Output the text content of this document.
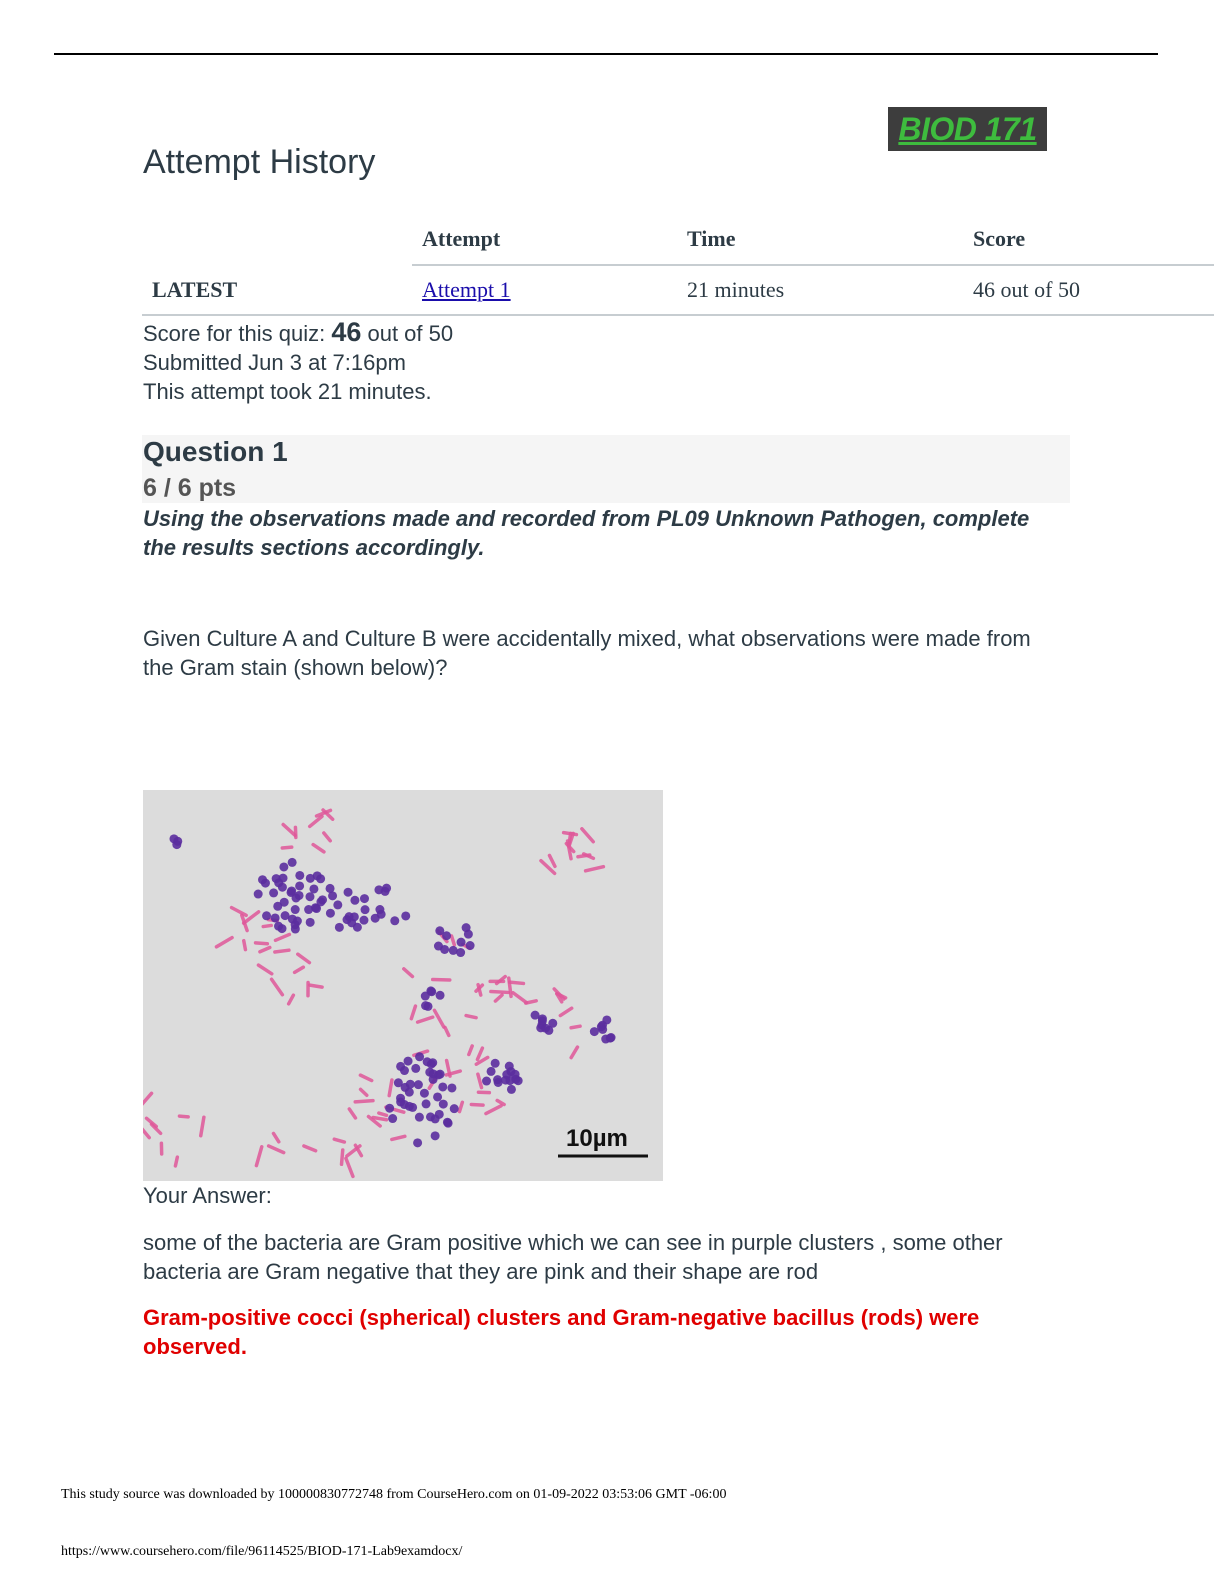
BIOD 171
Attempt History
	Attempt	Time	Score
LATEST	Attempt 1	21 minutes	46 out of 50
Score for this quiz: 46 out of 50
Submitted Jun 3 at 7:16pm
This attempt took 21 minutes.
Question 1
6 / 6 pts
Using the observations made and recorded from PL09 Unknown Pathogen, complete the results sections accordingly.
Given Culture A and Culture B were accidentally mixed, what observations were made from the Gram stain (shown below)?
10µm
Your Answer:
some of the bacteria are Gram positive which we can see in purple clusters , some other bacteria are Gram negative that they are pink and their shape are rod
Gram-positive cocci (spherical) clusters and Gram-negative bacillus (rods) were observed.
This study source was downloaded by 100000830772748 from CourseHero.com on 01-09-2022 03:53:06 GMT -06:00
https://www.coursehero.com/file/96114525/BIOD-171-Lab9examdocx/
